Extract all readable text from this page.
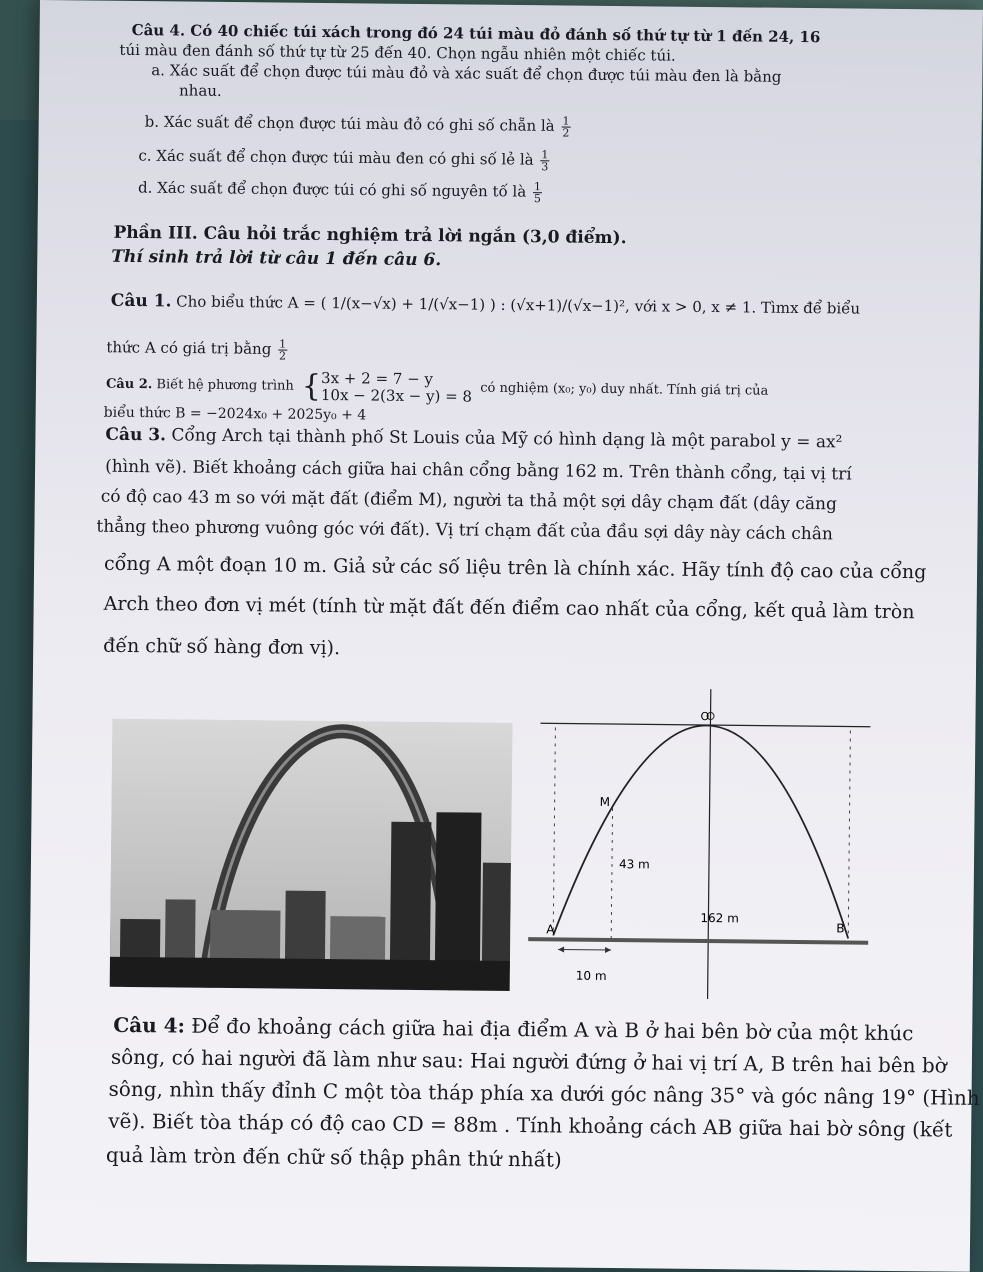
Câu 4. Có 40 chiếc túi xách trong đó 24 túi màu đỏ đánh số thứ tự từ 1 đến 24, 16
túi màu đen đánh số thứ tự từ 25 đến 40. Chọn ngẫu nhiên một chiếc túi.
a. Xác suất để chọn được túi màu đỏ và xác suất để chọn được túi màu đen là bằng
nhau.
b. Xác suất để chọn được túi màu đỏ có ghi số chẵn là $\frac{1}{2}$
c. Xác suất để chọn được túi màu đen có ghi số lẻ là $\frac{1}{3}$
d. Xác suất để chọn được túi có ghi số nguyên tố là $\frac{1}{5}$
Phần III. Câu hỏi trắc nghiệm trả lời ngắn (3,0 điểm).
Thí sinh trả lời từ câu 1 đến câu 6.
Câu 1. Cho biểu thức A = ( 1/(x−√x) + 1/(√x−1) ) : (√x+1)/(√x−1)², với x > 0, x ≠ 1. Tìmx để biểu
thức A có giá trị bằng $\frac{1}{2}$
Câu 2. Biết hệ phương trình { 3x + 2 = 7 − y
10x − 2(3x − y) = 8 có nghiệm (x₀; y₀) duy nhất. Tính giá trị của
biểu thức B = −2024x₀ + 2025y₀ + 4
Câu 3. Cổng Arch tại thành phố St Louis của Mỹ có hình dạng là một parabol y = ax²
(hình vẽ). Biết khoảng cách giữa hai chân cổng bằng 162 m. Trên thành cổng, tại vị trí
có độ cao 43 m so với mặt đất (điểm M), người ta thả một sợi dây chạm đất (dây căng
thẳng theo phương vuông góc với đất). Vị trí chạm đất của đầu sợi dây này cách chân
cổng A một đoạn 10 m. Giả sử các số liệu trên là chính xác. Hãy tính độ cao của cổng
Arch theo đơn vị mét (tính từ mặt đất đến điểm cao nhất của cổng, kết quả làm tròn
đến chữ số hàng đơn vị).
O
M
43 m
162 m
A	B
10 m
Câu 4: Để đo khoảng cách giữa hai địa điểm A và B ở hai bên bờ của một khúc
sông, có hai người đã làm như sau: Hai người đứng ở hai vị trí A, B trên hai bên bờ
sông, nhìn thấy đỉnh C một tòa tháp phía xa dưới góc nâng 35° và góc nâng 19° (Hình
vẽ). Biết tòa tháp có độ cao CD = 88m . Tính khoảng cách AB giữa hai bờ sông (kết
quả làm tròn đến chữ số thập phân thứ nhất)
